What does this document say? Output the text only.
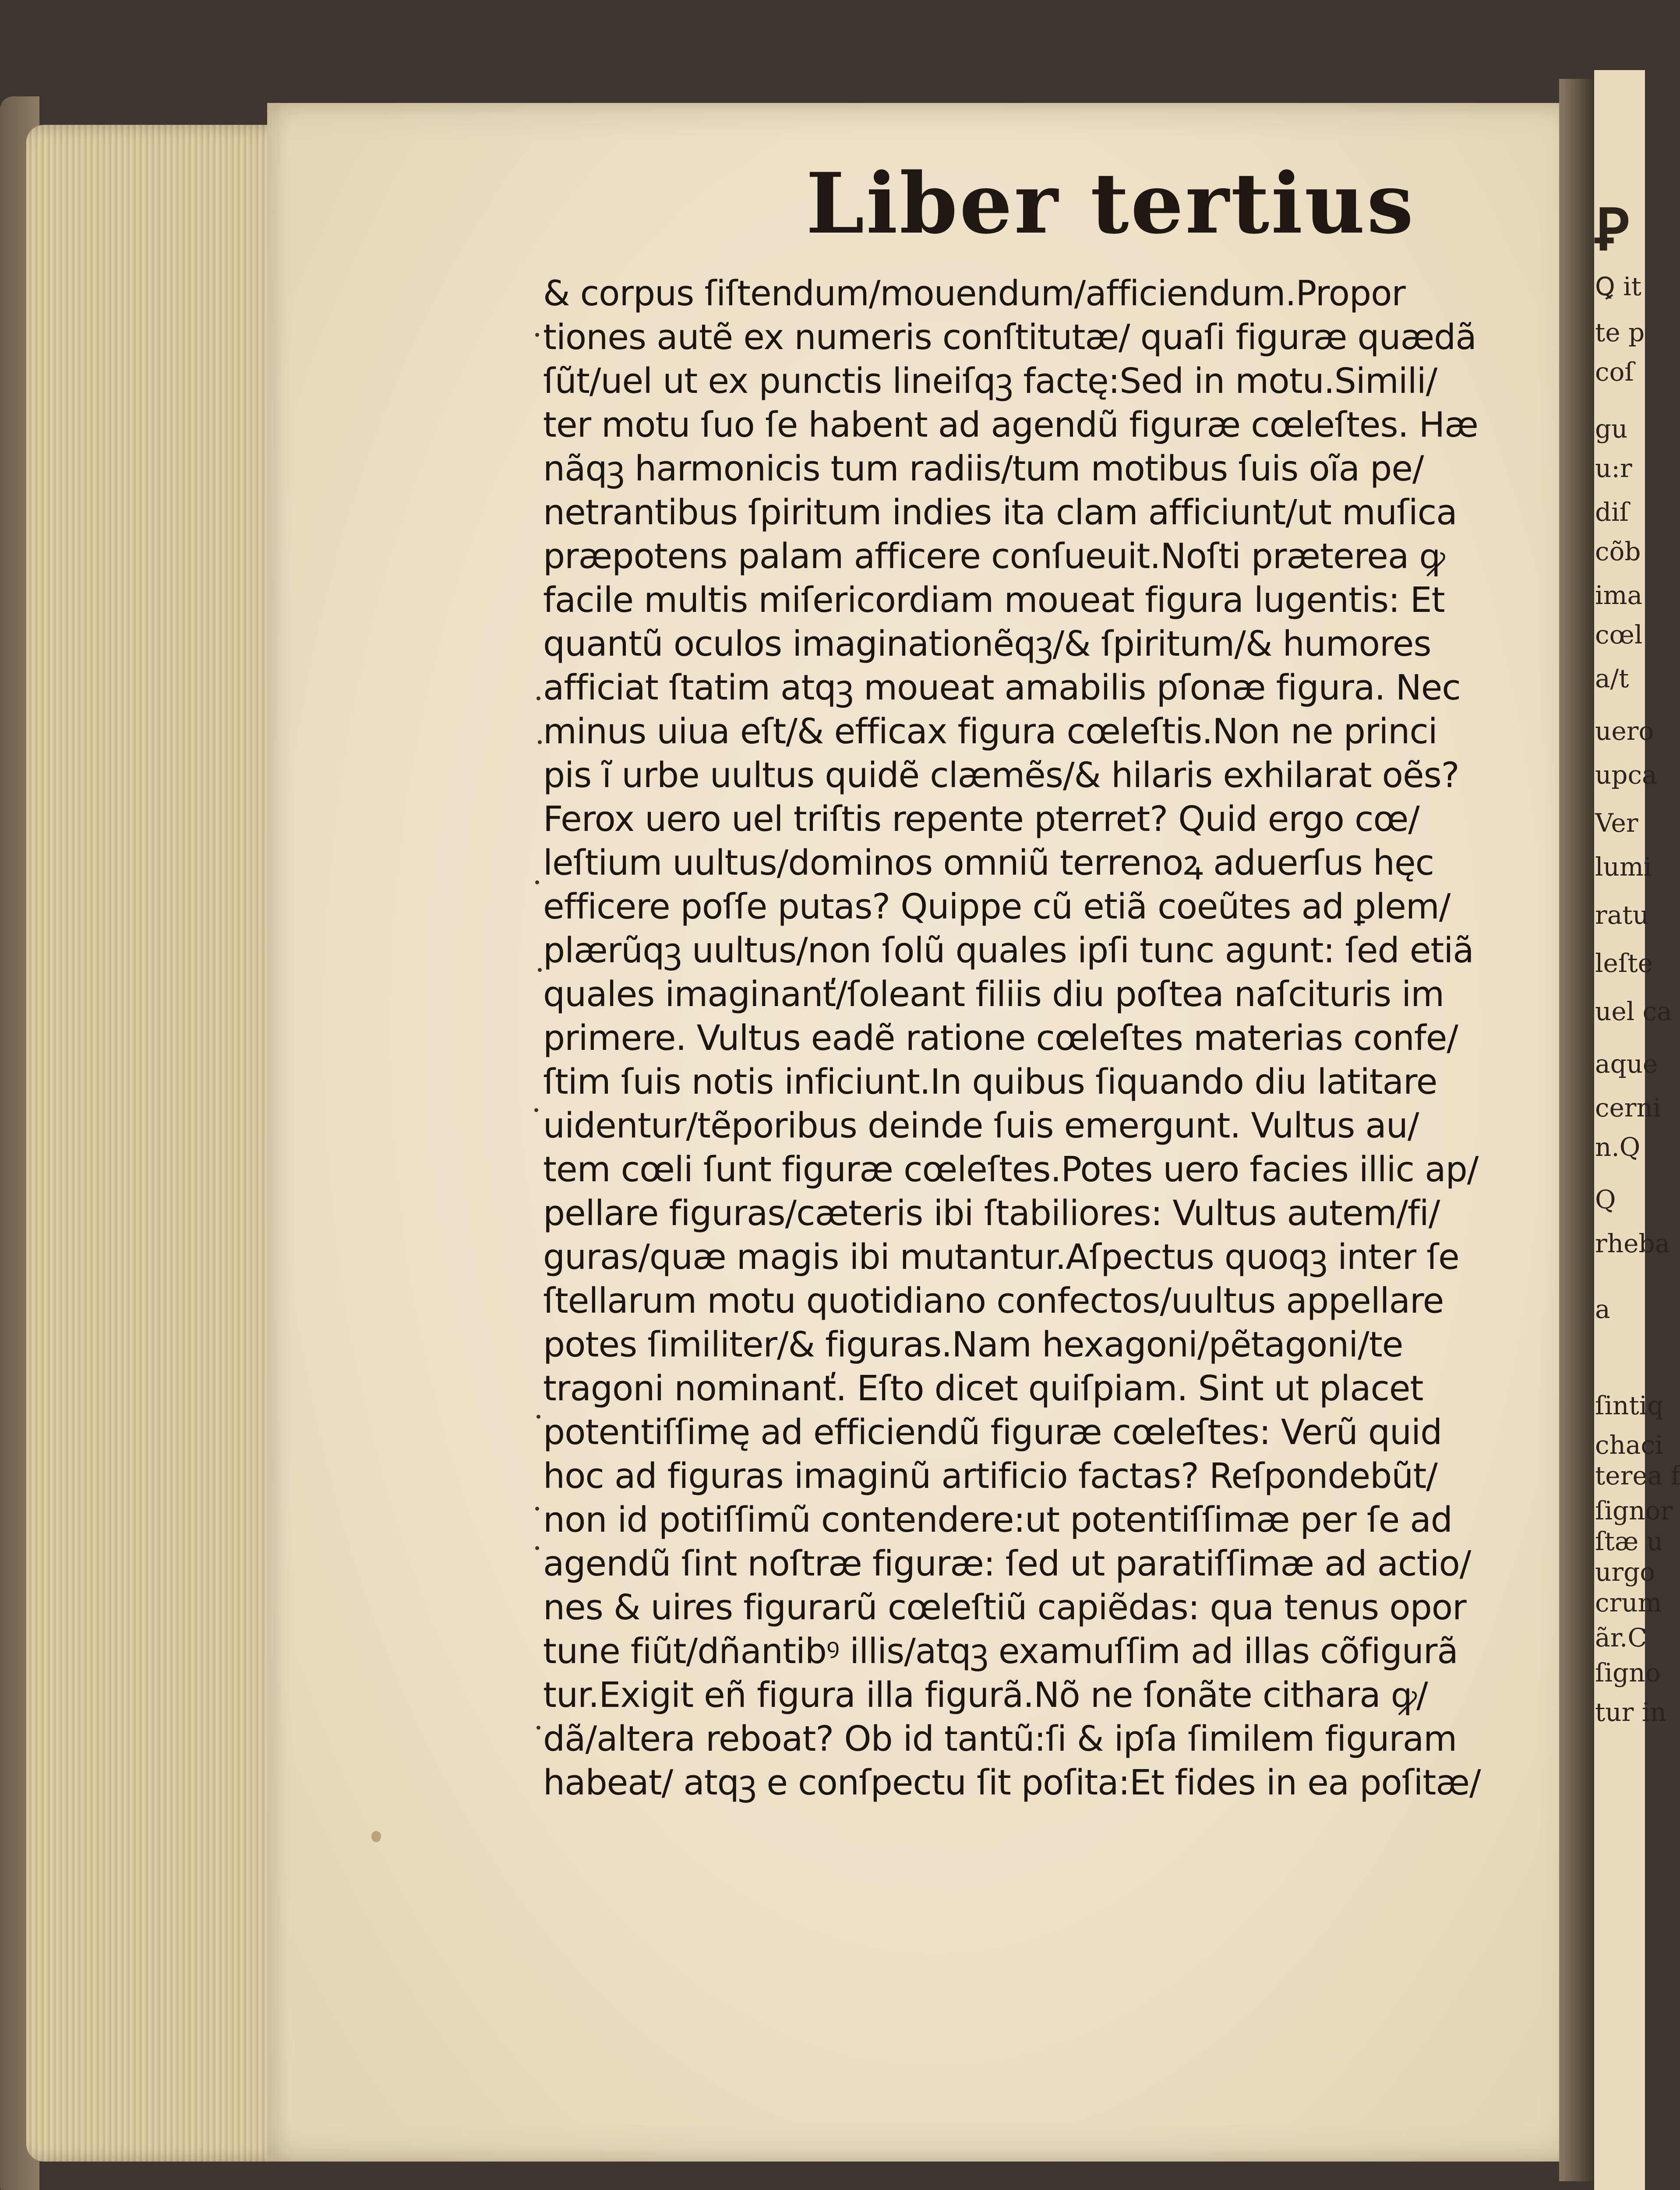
Liber tertius
& corpus ſiſtendum/mouendum/afficiendum.Propor
tiones autẽ ex numeris conſtitutæ/ quaſi figuræ quædã
ſũt/uel ut ex punctis lineiſqꝫ factę:Sed in motu.Simili/
ter motu ſuo ſe habent ad agendũ figuræ cœleſtes. Hæ
nãqꝫ harmonicis tum radiis/tum motibus ſuis oĩa pe/
netrantibus ſpiritum indies ita clam afficiunt/ut muſica
præpotens palam afficere conſueuit.Noſti præterea ꝙ
facile multis miſericordiam moueat figura lugentis: Et
quantũ oculos imaginationẽqꝫ/& ſpiritum/& humores
afficiat ſtatim atqꝫ moueat amabilis pſonæ figura. Nec
minus uiua eſt/& efficax figura cœleſtis.Non ne princi
pis ĩ urbe uultus quidẽ clæmẽs/& hilaris exhilarat oẽs?
Ferox uero uel triſtis repente pterret? Quid ergo cœ/
leſtium uultus/dominos omniũ terrenoꝝ aduerſus hęc
efficere poſſe putas? Quippe cũ etiã coeũtes ad ꝑlem/
plærũqꝫ uultus/non ſolũ quales ipſi tunc agunt: ſed etiã
quales imaginanť/ſoleant filiis diu poſtea naſcituris im
primere. Vultus eadẽ ratione cœleſtes materias confe/
ſtim ſuis notis inficiunt.In quibus ſiquando diu latitare
uidentur/tẽporibus deinde ſuis emergunt. Vultus au/
tem cœli ſunt figuræ cœleſtes.Potes uero facies illic ap/
pellare figuras/cæteris ibi ſtabiliores: Vultus autem/fi/
guras/quæ magis ibi mutantur.Aſpectus quoqꝫ inter ſe
ſtellarum motu quotidiano confectos/uultus appellare
potes ſimiliter/& figuras.Nam hexagoni/pẽtagoni/te
tragoni nominanť. Eſto dicet quiſpiam. Sint ut placet
potentiſſimę ad efficiendũ figuræ cœleſtes: Verũ quid
hoc ad figuras imaginũ artificio factas? Reſpondebũt/
non id potiſſimũ contendere:ut potentiſſimæ per ſe ad
agendũ ſint noſtræ figuræ: ſed ut paratiſſimæ ad actio/
nes & uires figurarũ cœleſtiũ capiẽdas: qua tenus opor
tune fiũt/dñantibꝰ illis/atqꝫ examuſſim ad illas cõfigurã
tur.Exigit eñ figura illa figurã.Nõ ne ſonãte cithara ꝙ/
dã/altera reboat? Ob id tantũ:ſi & ipſa ſimilem figuram
habeat/ atqꝫ e conſpectu ſit poſita:Et fides in ea poſitæ/
Ꝑ
Ꝗ it
te p
coſ
gu
u:r
diſ
cõb
ima
cœl
a/t
uero
upca
Ver
lumi
ratu
leſte
uel ca
aque
cerni
n.Q
Q
rheba
a
ſintiq
chaci
terea f
ſignor
ſtæ u
urgo
crum
ãr.C
ſigno
tur in
